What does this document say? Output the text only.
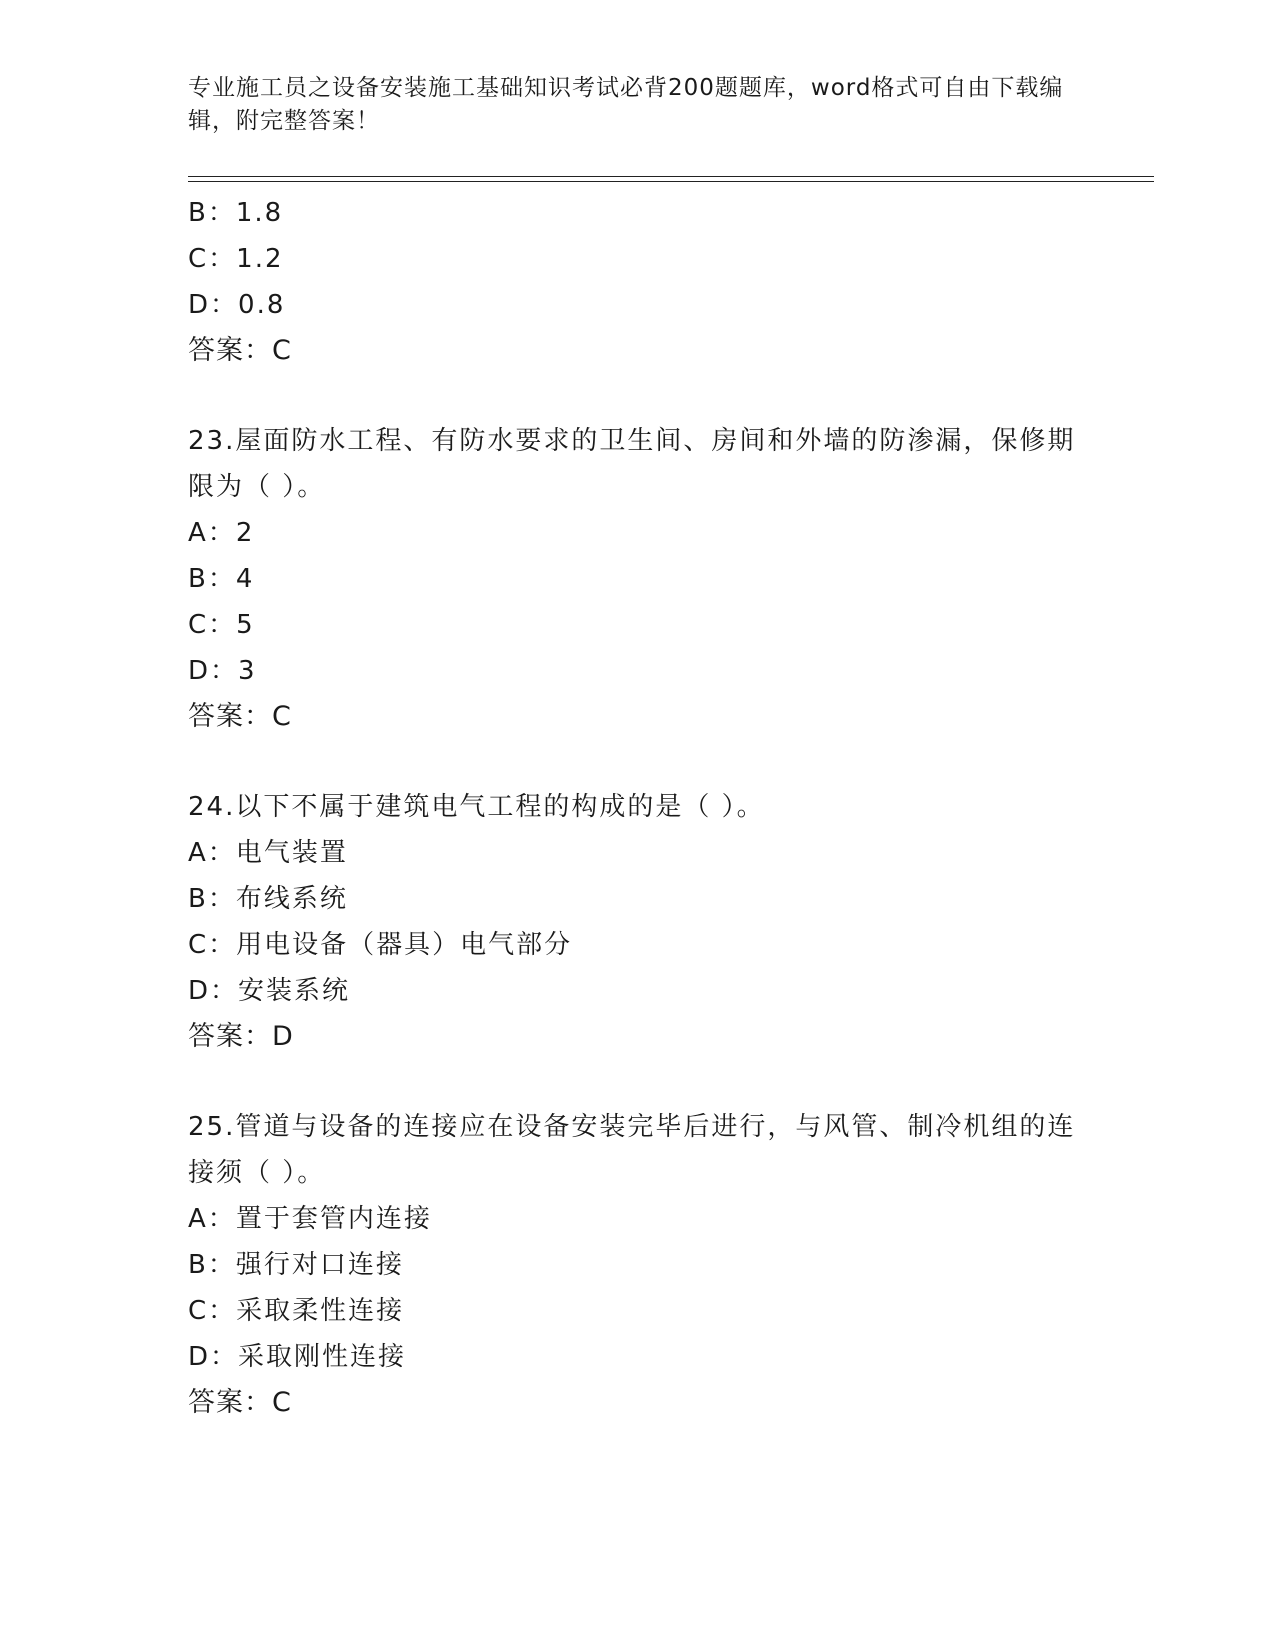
专业施工员之设备安装施工基础知识考试必背200题题库，word格式可自由下载编辑，附完整答案！
B：1.8
C：1.2
D：0.8
答案：C
23.屋面防水工程、有防水要求的卫生间、房间和外墙的防渗漏，保修期限为（ ）。
A：2
B：4
C：5
D：3
答案：C
24.以下不属于建筑电气工程的构成的是（ ）。
A：电气装置
B：布线系统
C：用电设备（器具）电气部分
D：安装系统
答案：D
25.管道与设备的连接应在设备安装完毕后进行，与风管、制冷机组的连接须（ ）。
A：置于套管内连接
B：强行对口连接
C：采取柔性连接
D：采取刚性连接
答案：C
